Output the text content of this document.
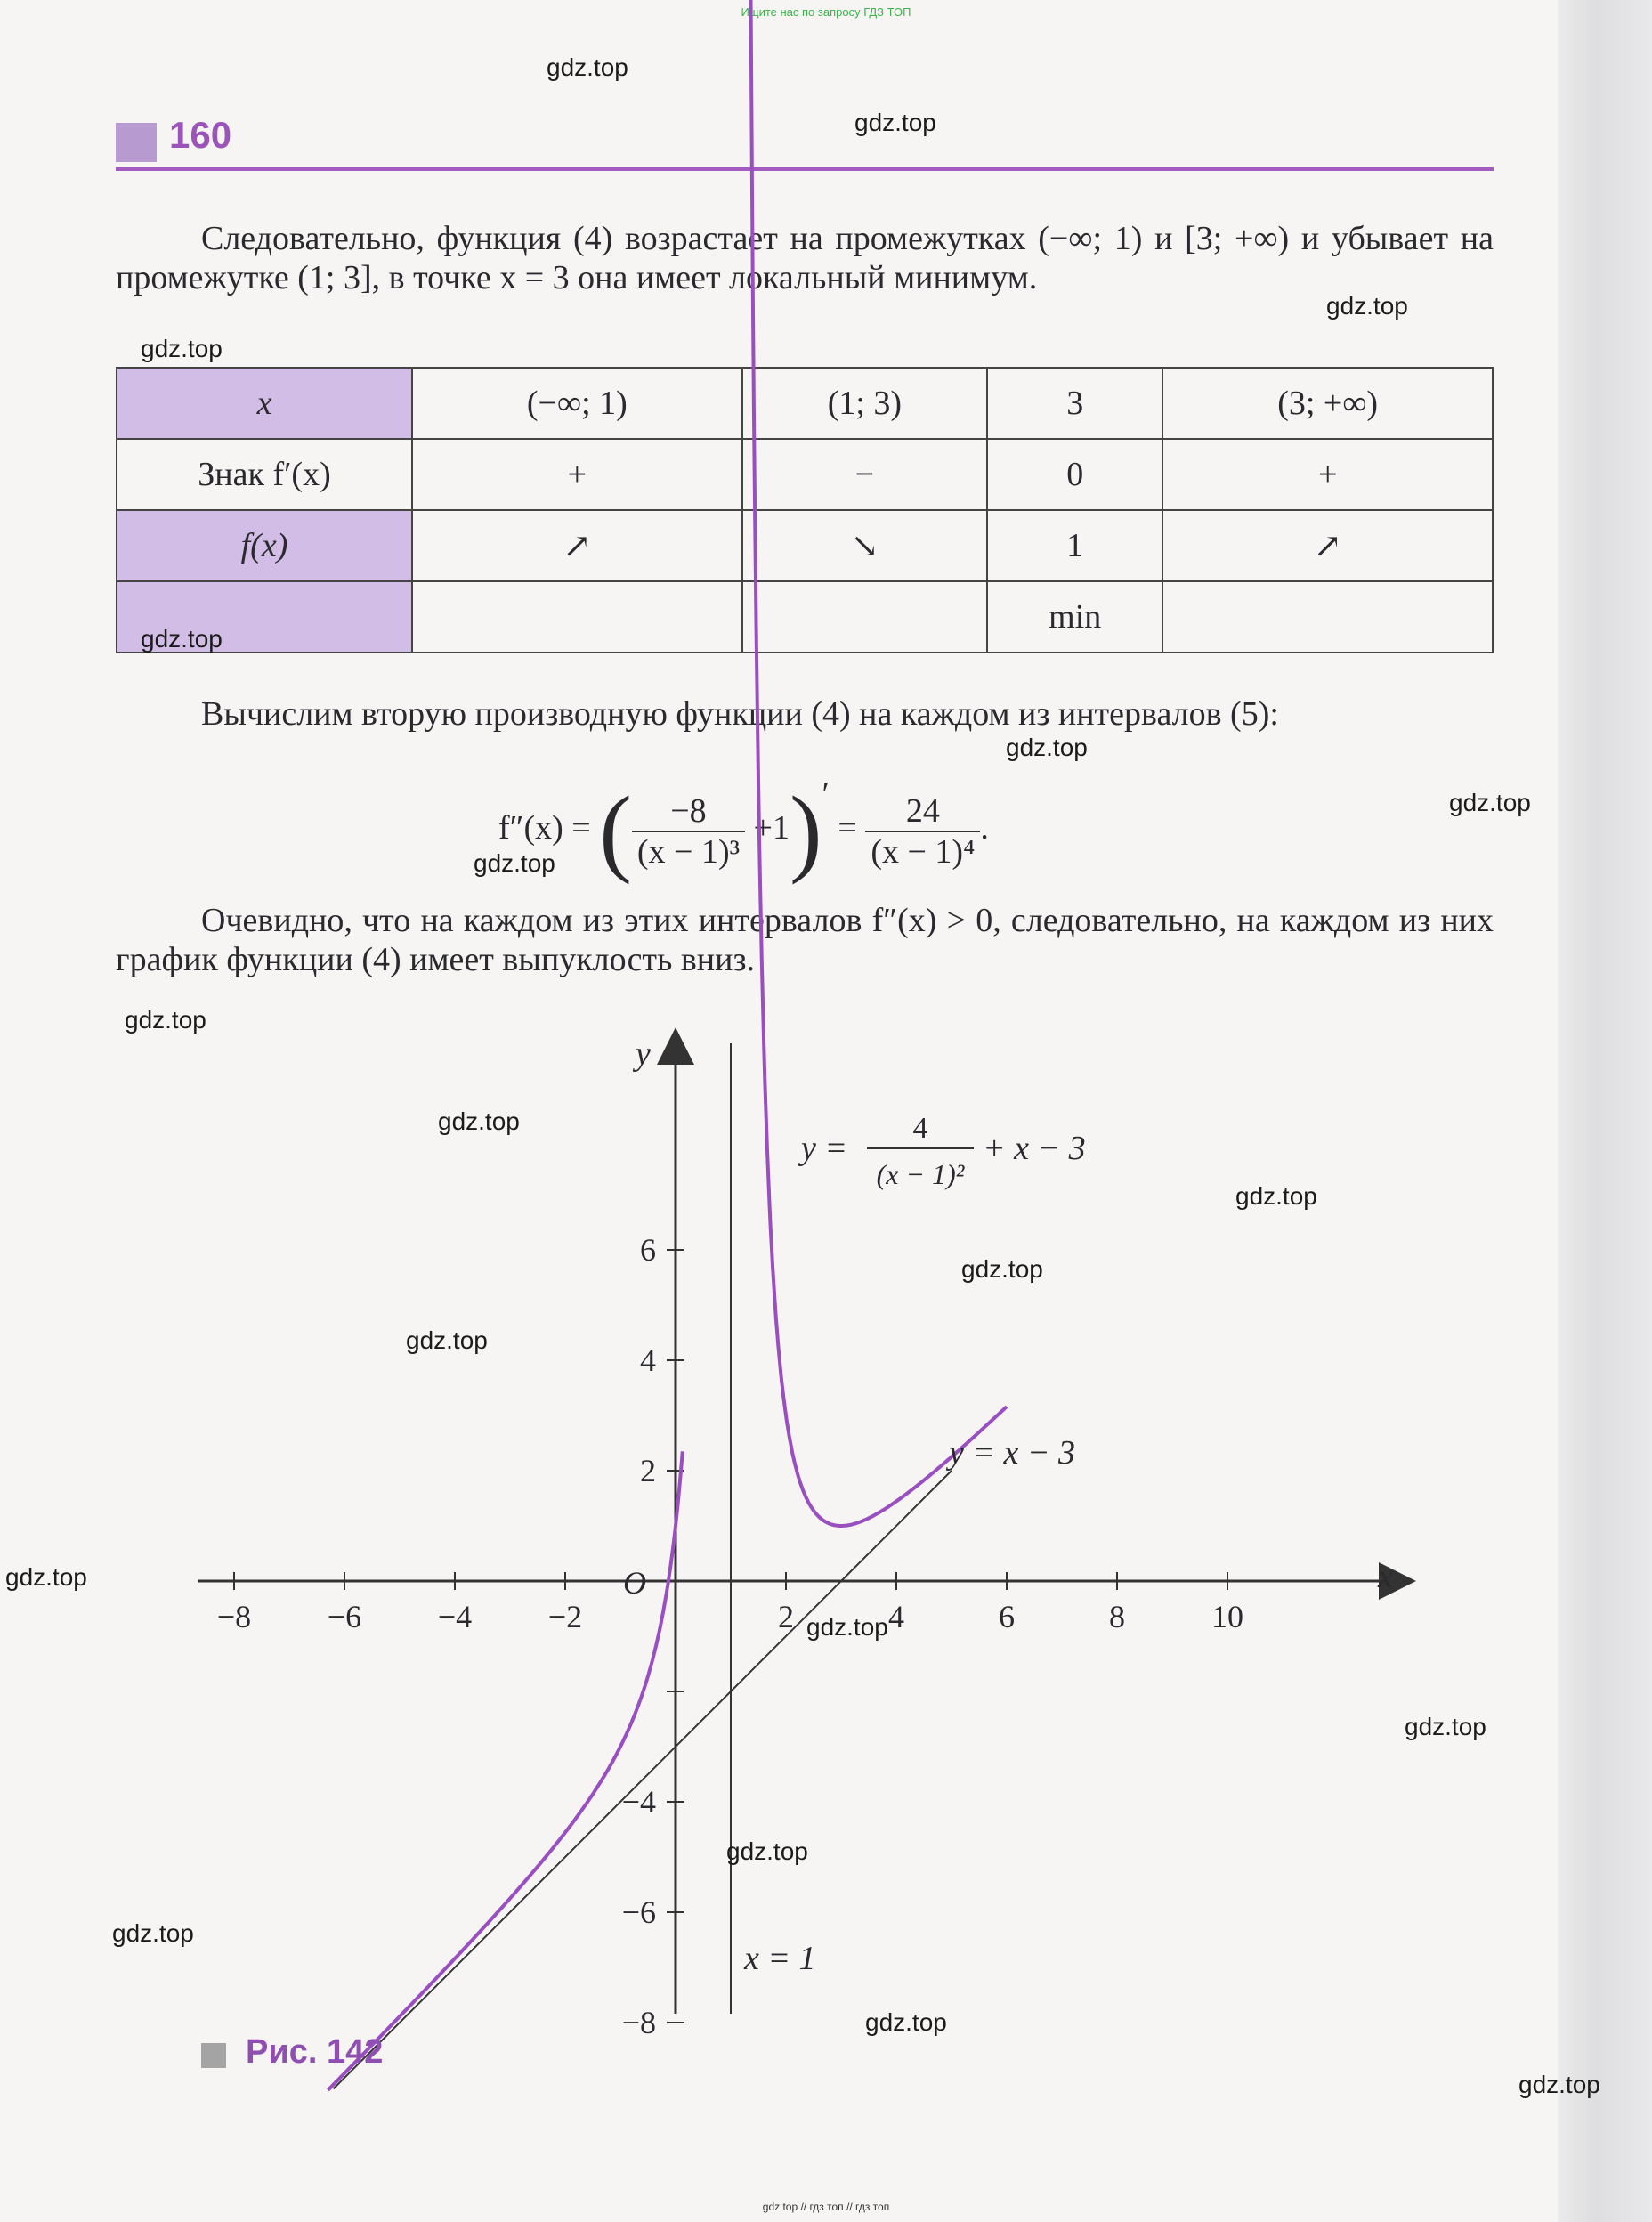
Ищите нас по запросу ГДЗ ТОП
160
Следовательно, функция (4) возрастает на промежутках (−∞; 1) и [3; +∞) и убывает на промежутке (1; 3], в точке x = 3 она имеет локальный минимум.
x	(−∞; 1)	(1; 3)	3	(3; +∞)
Знак f′(x)	+	−	0	+
f(x)	↗	↘	1	↗
			min	
Вычислим вторую производную функции (4) на каждом из интервалов (5):
f″(x) = ( $\frac{-8}{\text{(x − 1)³}} +1)' = \frac{24}{\text{(x − 1)⁴}}$ .
Очевидно, что на каждом из этих интервалов f″(x) > 0, следовательно, на каждом из них график функции (4) имеет выпуклость вниз.
x
y
O
−8 −6 −4 −2	2	4	6	8	10
6
4
2
−4
−6
−8
y =
4
(x − 1)²
+ x − 3
y = x − 3
x = 1
Рис. 142
gdz.top
gdz.top
gdz.top
gdz.top
gdz.top
gdz.top
gdz.top
gdz.top
gdz.top
gdz.top
gdz.top
gdz.top
gdz.top
gdz.top
gdz.top
gdz.top
gdz.top
gdz.top
gdz.top
gdz.top
gdz top // гдз топ // гдз топ
